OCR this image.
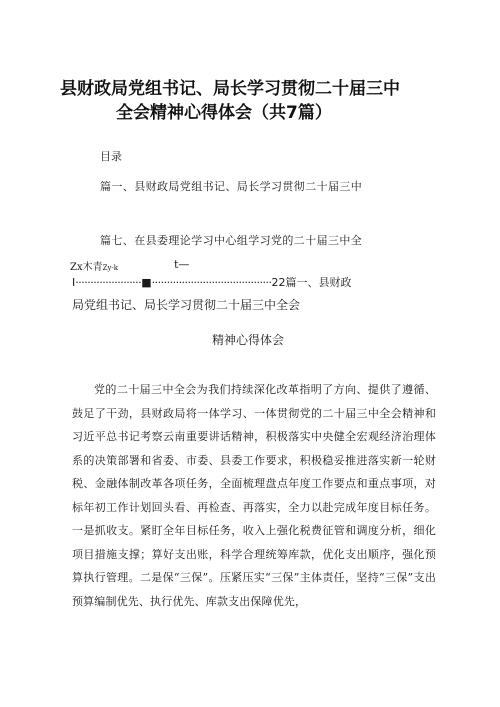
县财政局党组书记、局长学习贯彻二十届三中
全会精神心得体会（共7篇）
目录
篇一、县财政局党组书记、局长学习贯彻二十届三中
篇七、在县委理论学习中心组学习党的二十届三中全
Zx木青Zy-k	t—
I······················■········································22篇一、县财政
局党组书记、局长学习贯彻二十届三中全会
精神心得体会

党的二十届三中全会为我们持续深化改革指明了方向、提供了遵循、鼓足了干劲，县财政局将一体学习、一体贯彻党的二十届三中全会精神和习近平总书记考察云南重要讲话精神，积极落实中央健全宏观经济治理体系的决策部署和省委、市委、县委工作要求，积极稳妥推进落实新一轮财税、金融体制改革各项任务，全面梳理盘点年度工作要点和重点事项，对标年初工作计划回头看、再检查、再落实，全力以赴完成年度目标任务。一是抓收支。紧盯全年目标任务，收入上强化税费征管和调度分析，细化项目措施支撑；算好支出账，科学合理统筹库款，优化支出顺序，强化预算执行管理。二是保“三保”。压紧压实“三保”主体责任，坚持“三保”支出预算编制优先、执行优先、库款支出保障优先，
